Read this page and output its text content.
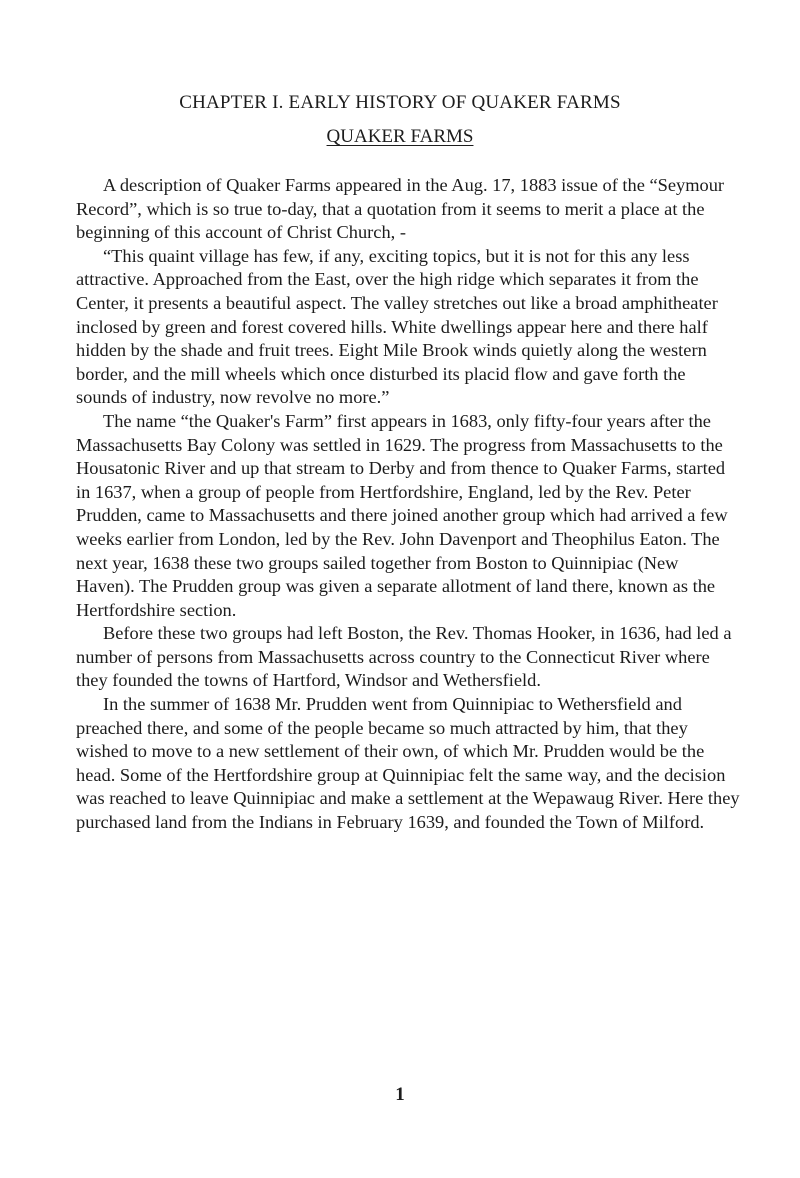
CHAPTER I. EARLY HISTORY OF QUAKER FARMS
QUAKER FARMS

A description of Quaker Farms appeared in the Aug. 17, 1883 issue of the “Seymour Record”, which is so true to-day, that a quotation from it seems to merit a place at the beginning of this account of Christ Church, -

“This quaint village has few, if any, exciting topics, but it is not for this any less attractive. Approached from the East, over the high ridge which separates it from the Center, it presents a beautiful aspect. The valley stretches out like a broad amphitheater inclosed by green and forest covered hills. White dwellings appear here and there half hidden by the shade and fruit trees. Eight Mile Brook winds quietly along the western border, and the mill wheels which once disturbed its placid flow and gave forth the sounds of industry, now revolve no more.”

The name “the Quaker's Farm” first appears in 1683, only fifty-four years after the Massachusetts Bay Colony was settled in 1629. The progress from Massachusetts to the Housatonic River and up that stream to Derby and from thence to Quaker Farms, started in 1637, when a group of people from Hertfordshire, England, led by the Rev. Peter Prudden, came to Massachusetts and there joined another group which had arrived a few weeks earlier from London, led by the Rev. John Davenport and Theophilus Eaton. The next year, 1638 these two groups sailed together from Boston to Quinnipiac (New Haven). The Prudden group was given a separate allotment of land there, known as the Hertfordshire section.

Before these two groups had left Boston, the Rev. Thomas Hooker, in 1636, had led a number of persons from Massachusetts across country to the Connecticut River where they founded the towns of Hartford, Windsor and Wethersfield.

In the summer of 1638 Mr. Prudden went from Quinnipiac to Wethersfield and preached there, and some of the people became so much attracted by him, that they wished to move to a new settlement of their own, of which Mr. Prudden would be the head. Some of the Hertfordshire group at Quinnipiac felt the same way, and the decision was reached to leave Quinnipiac and make a settlement at the Wepawaug River. Here they purchased land from the Indians in February 1639, and founded the Town of Milford.

1
